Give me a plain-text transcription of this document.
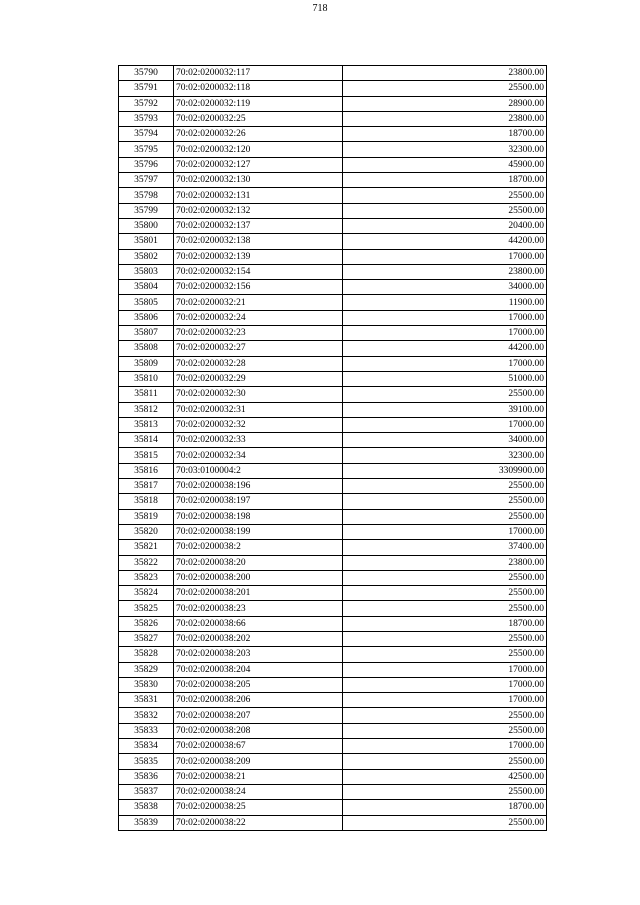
718
35790	70:02:0200032:117	23800.00
35791	70:02:0200032:118	25500.00
35792	70:02:0200032:119	28900.00
35793	70:02:0200032:25	23800.00
35794	70:02:0200032:26	18700.00
35795	70:02:0200032:120	32300.00
35796	70:02:0200032:127	45900.00
35797	70:02:0200032:130	18700.00
35798	70:02:0200032:131	25500.00
35799	70:02:0200032:132	25500.00
35800	70:02:0200032:137	20400.00
35801	70:02:0200032:138	44200.00
35802	70:02:0200032:139	17000.00
35803	70:02:0200032:154	23800.00
35804	70:02:0200032:156	34000.00
35805	70:02:0200032:21	11900.00
35806	70:02:0200032:24	17000.00
35807	70:02:0200032:23	17000.00
35808	70:02:0200032:27	44200.00
35809	70:02:0200032:28	17000.00
35810	70:02:0200032:29	51000.00
35811	70:02:0200032:30	25500.00
35812	70:02:0200032:31	39100.00
35813	70:02:0200032:32	17000.00
35814	70:02:0200032:33	34000.00
35815	70:02:0200032:34	32300.00
35816	70:03:0100004:2	3309900.00
35817	70:02:0200038:196	25500.00
35818	70:02:0200038:197	25500.00
35819	70:02:0200038:198	25500.00
35820	70:02:0200038:199	17000.00
35821	70:02:0200038:2	37400.00
35822	70:02:0200038:20	23800.00
35823	70:02:0200038:200	25500.00
35824	70:02:0200038:201	25500.00
35825	70:02:0200038:23	25500.00
35826	70:02:0200038:66	18700.00
35827	70:02:0200038:202	25500.00
35828	70:02:0200038:203	25500.00
35829	70:02:0200038:204	17000.00
35830	70:02:0200038:205	17000.00
35831	70:02:0200038:206	17000.00
35832	70:02:0200038:207	25500.00
35833	70:02:0200038:208	25500.00
35834	70:02:0200038:67	17000.00
35835	70:02:0200038:209	25500.00
35836	70:02:0200038:21	42500.00
35837	70:02:0200038:24	25500.00
35838	70:02:0200038:25	18700.00
35839	70:02:0200038:22	25500.00
